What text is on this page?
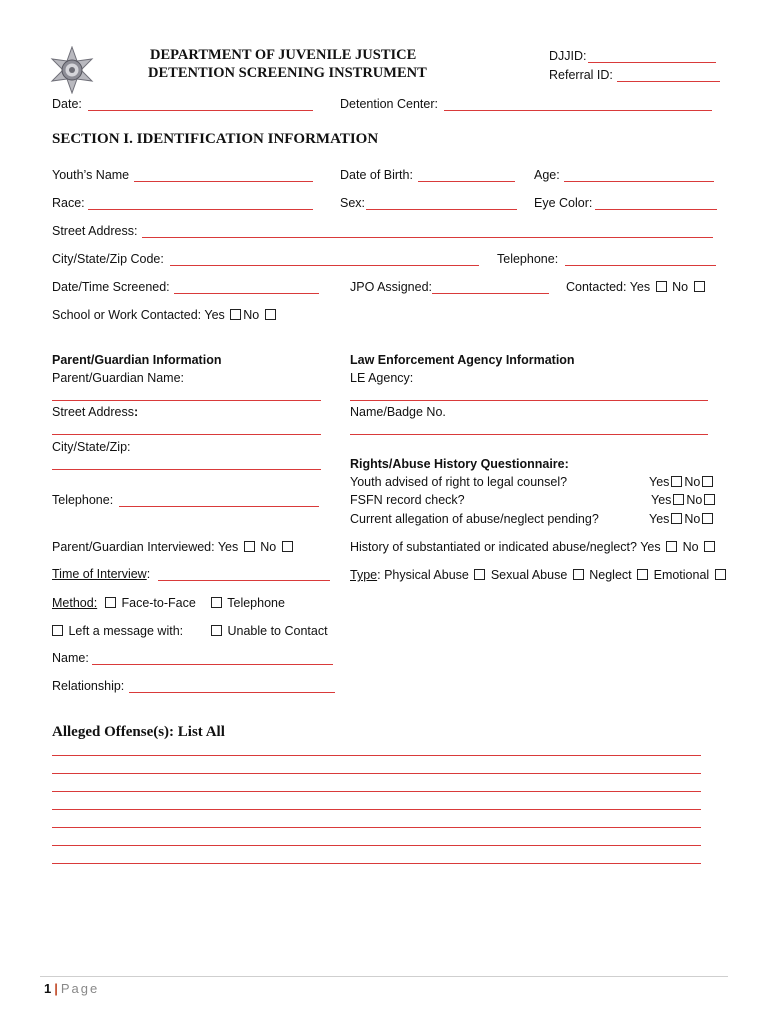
DEPARTMENT OF JUVENILE JUSTICE
DETENTION SCREENING INSTRUMENT
DJJID:
Referral ID:
Date:	Detention Center:
SECTION I. IDENTIFICATION INFORMATION
Youth’s Name	Date of Birth:	Age:
Race:	Sex:	Eye Color:
Street Address:
City/State/Zip Code:	Telephone:
Date/Time Screened:	JPO Assigned:	Contacted: Yes No
School or Work Contacted: Yes No
Parent/Guardian Information
Parent/Guardian Name:
Street Address:
City/State/Zip:
Telephone:
Parent/Guardian Interviewed: Yes No
Time of Interview:
Method:	Face-to-Face	Telephone
Left a message with:	Unable to Contact
Name:
Relationship:
Law Enforcement Agency Information
LE Agency:
Name/Badge No.
Rights/Abuse History Questionnaire:
Youth advised of right to legal counsel?	Yes No
FSFN record check?	Yes No
Current allegation of abuse/neglect pending?	Yes No
History of substantiated or indicated abuse/neglect? Yes No
Type: Physical Abuse Sexual Abuse Neglect Emotional
Alleged Offense(s): List All
1 | Page
